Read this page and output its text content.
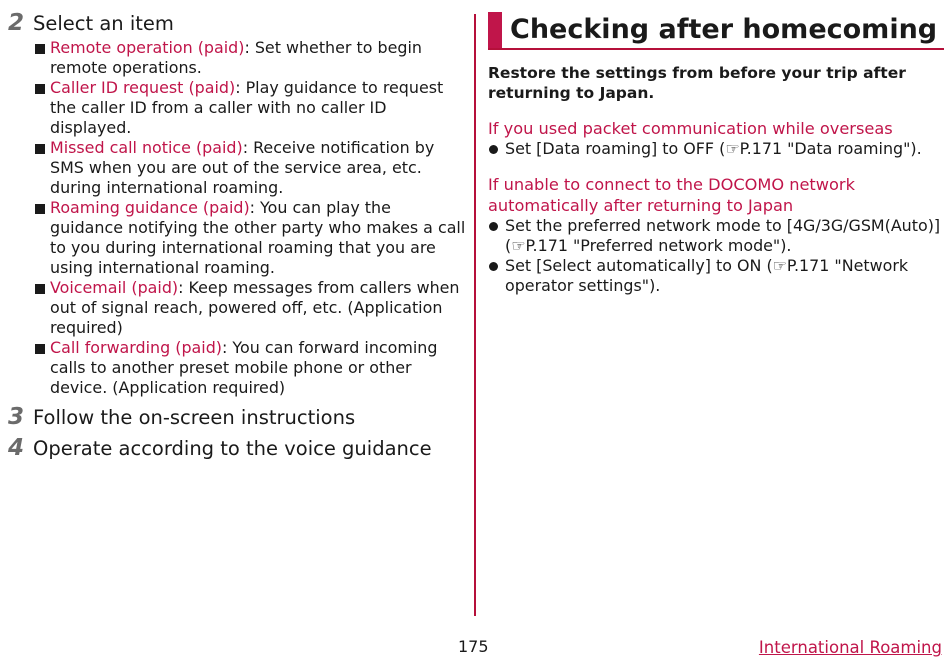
2 Select an item
Remote operation (paid): Set whether to begin remote operations.
Caller ID request (paid): Play guidance to request the caller ID from a caller with no caller ID displayed.
Missed call notice (paid): Receive notification by SMS when you are out of the service area, etc. during international roaming.
Roaming guidance (paid): You can play the guidance notifying the other party who makes a call to you during international roaming that you are using international roaming.
Voicemail (paid): Keep messages from callers when out of signal reach, powered off, etc. (Application required)
Call forwarding (paid): You can forward incoming calls to another preset mobile phone or other device. (Application required)
3 Follow the on-screen instructions
4 Operate according to the voice guidance
Checking after homecoming

Restore the settings from before your trip after returning to Japan.

If you used packet communication while overseas

Set [Data roaming] to OFF (☞P.171 "Data roaming").

If unable to connect to the DOCOMO network automatically after returning to Japan

Set the preferred network mode to [4G/3G/GSM(Auto)] (☞P.171 "Preferred network mode").
Set [Select automatically] to ON (☞P.171 "Network operator settings").
175	International Roaming
